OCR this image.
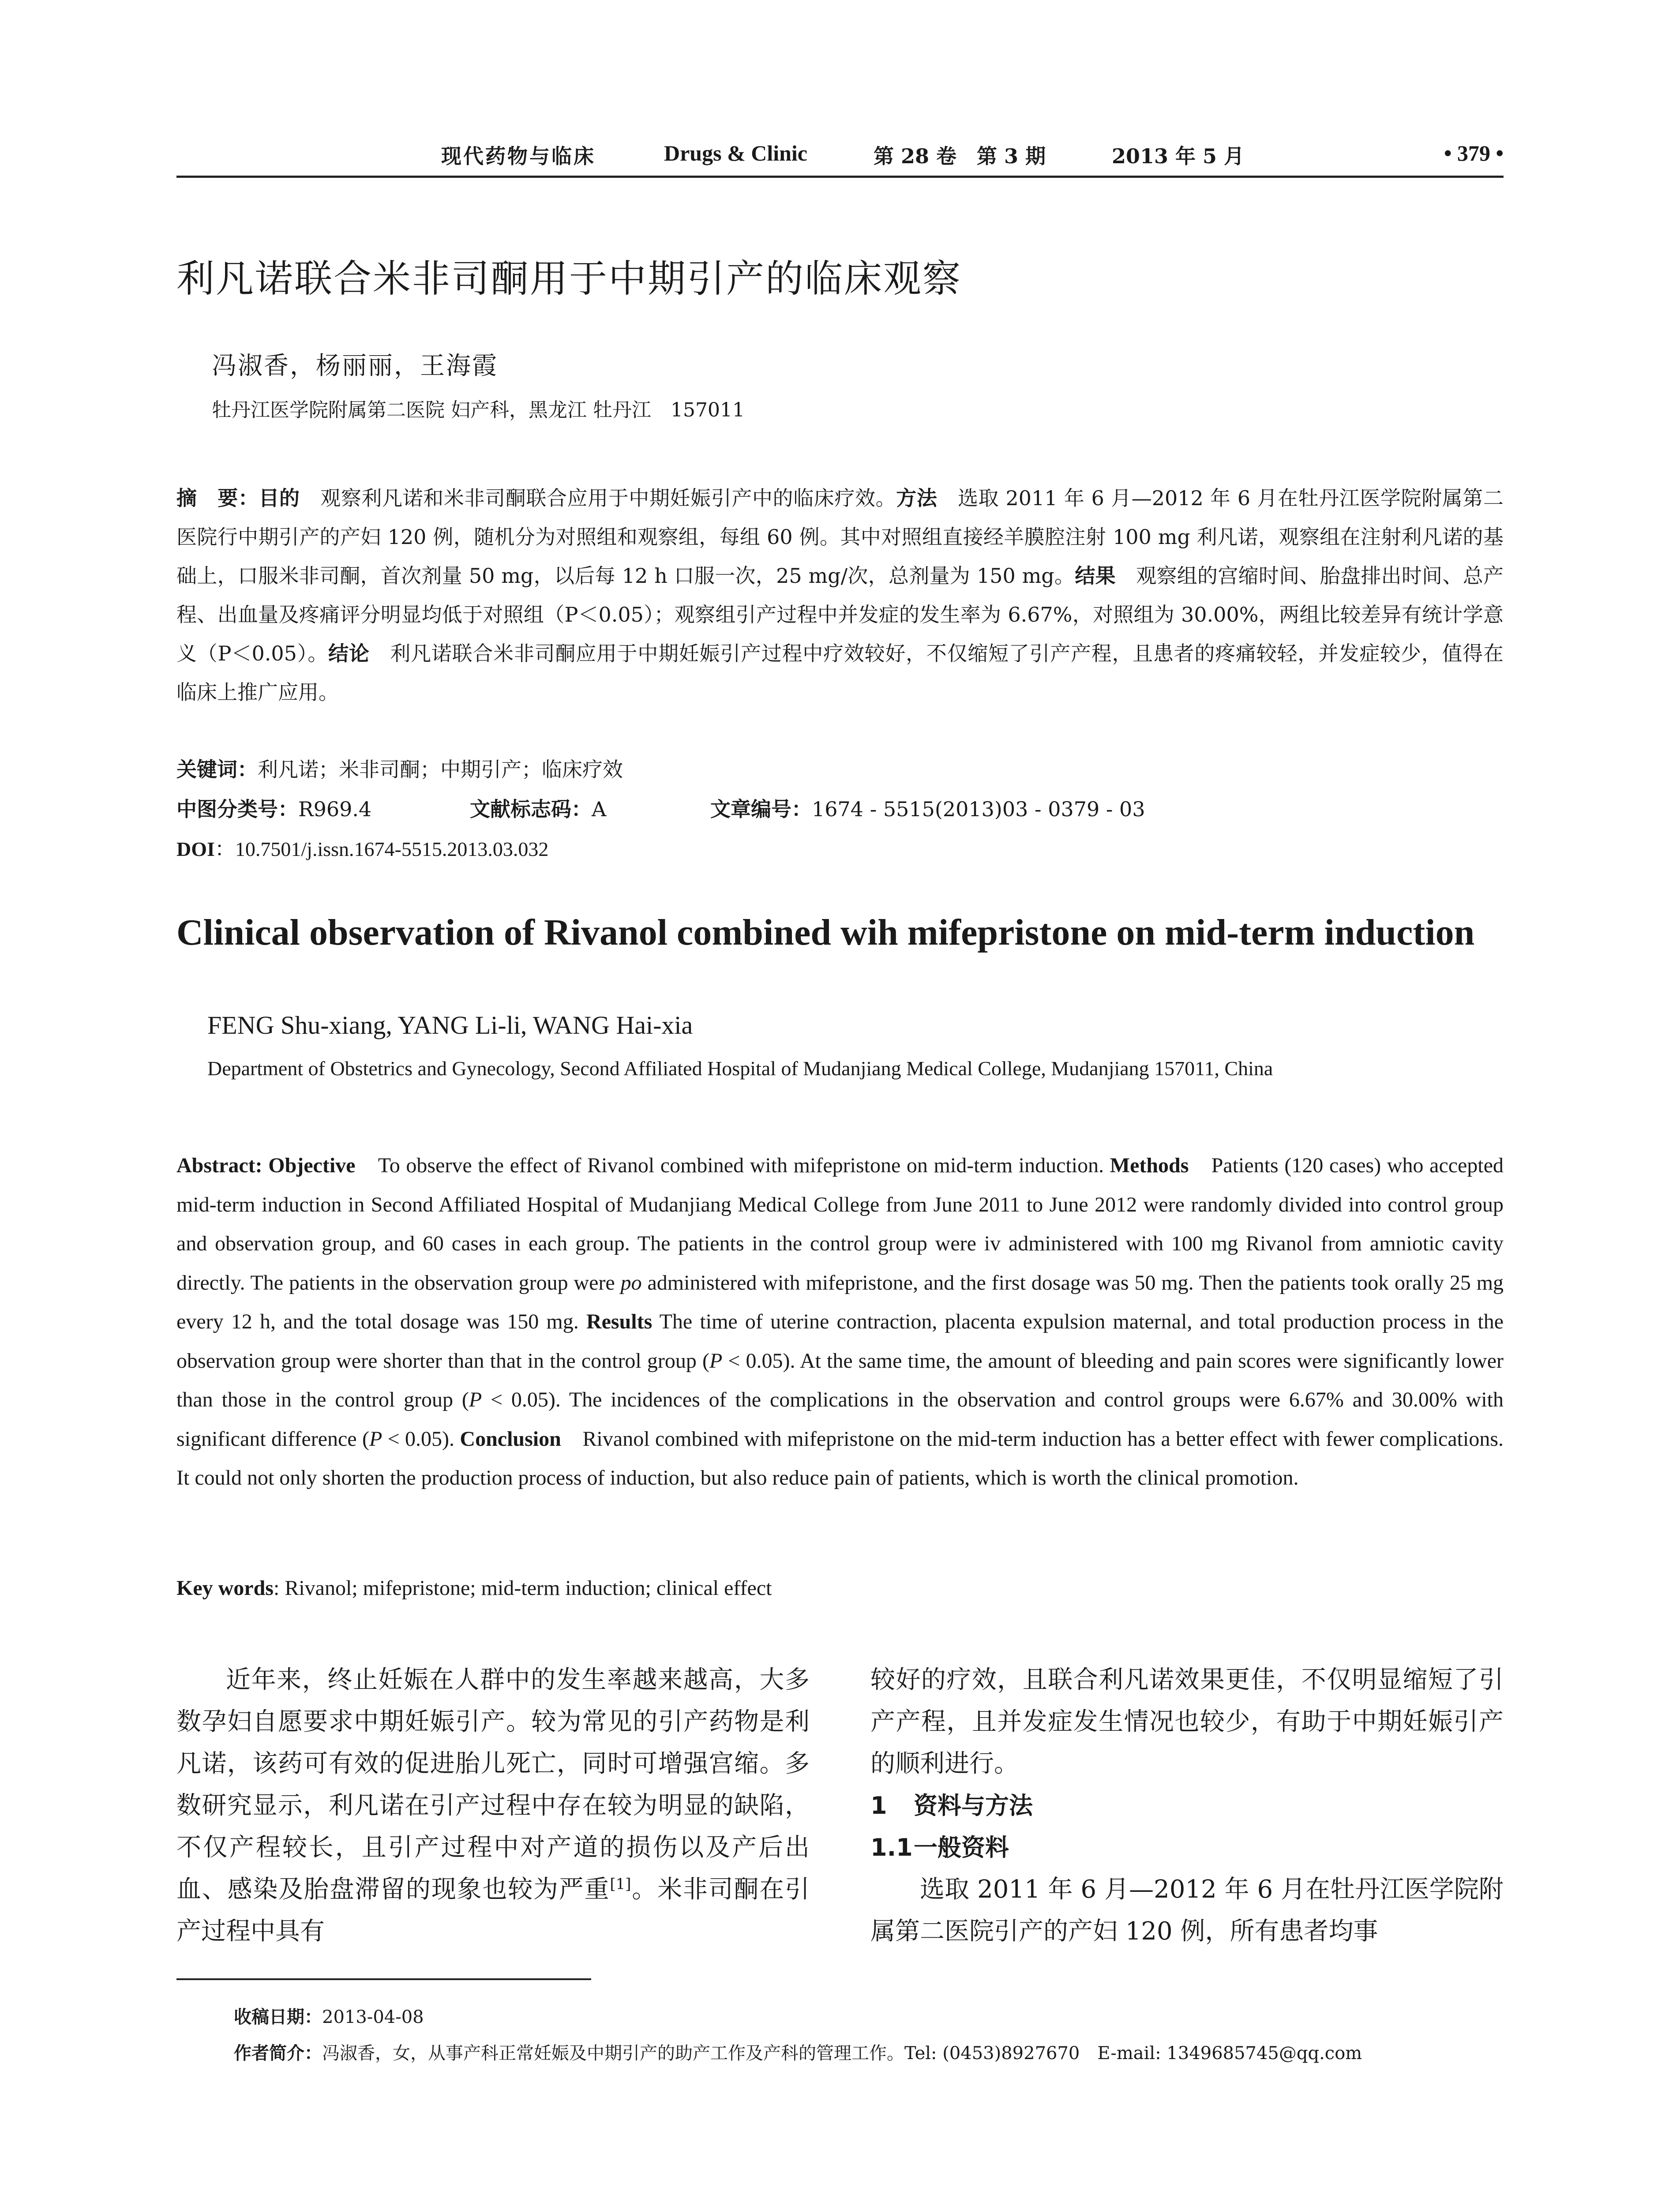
现代药物与临床	Drugs & Clinic	第 28 卷　第 3 期	2013 年 5 月	• 379 •
利凡诺联合米非司酮用于中期引产的临床观察
冯淑香，杨丽丽，王海霞
牡丹江医学院附属第二医院 妇产科，黑龙江 牡丹江　157011
摘　要：目的　 观察利凡诺和米非司酮联合应用于中期妊娠引产中的临床疗效。方法　 选取 2011 年 6 月—2012 年 6 月在牡丹江医学院附属第二医院行中期引产的产妇 120 例，随机分为对照组和观察组，每组 60 例。其中对照组直接经羊膜腔注射 100 mg 利凡诺，观察组在注射利凡诺的基础上，口服米非司酮，首次剂量 50 mg，以后每 12 h 口服一次，25 mg/次，总剂量为 150 mg。结果　 观察组的宫缩时间、胎盘排出时间、总产程、出血量及疼痛评分明显均低于对照组（P＜0.05）；观察组引产过程中并发症的发生率为 6.67%，对照组为 30.00%，两组比较差异有统计学意义（P＜0.05）。结论　 利凡诺联合米非司酮应用于中期妊娠引产过程中疗效较好，不仅缩短了引产产程，且患者的疼痛较轻，并发症较少，值得在临床上推广应用。
关键词：利凡诺；米非司酮；中期引产；临床疗效
中图分类号：R969.4	文献标志码：A	文章编号：1674 - 5515(2013)03 - 0379 - 03
DOI：10.7501/j.issn.1674-5515.2013.03.032
Clinical observation of Rivanol combined wih mifepristone on mid-term induction
FENG Shu-xiang, YANG Li-li, WANG Hai-xia
Department of Obstetrics and Gynecology, Second Affiliated Hospital of Mudanjiang Medical College, Mudanjiang 157011, China
Abstract: Objective　 To observe the effect of Rivanol combined with mifepristone on mid-term induction. Methods　 Patients (120 cases) who accepted mid-term induction in Second Affiliated Hospital of Mudanjiang Medical College from June 2011 to June 2012 were randomly divided into control group and observation group, and 60 cases in each group. The patients in the control group were iv administered with 100 mg Rivanol from amniotic cavity directly. The patients in the observation group were po administered with mifepristone, and the first dosage was 50 mg. Then the patients took orally 25 mg every 12 h, and the total dosage was 150 mg. Results The time of uterine contraction, placenta expulsion maternal, and total production process in the observation group were shorter than that in the control group (P < 0.05). At the same time, the amount of bleeding and pain scores were significantly lower than those in the control group (P < 0.05). The incidences of the complications in the observation and control groups were 6.67% and 30.00% with significant difference (P < 0.05). Conclusion　 Rivanol combined with mifepristone on the mid-term induction has a better effect with fewer complications. It could not only shorten the production process of induction, but also reduce pain of patients, which is worth the clinical promotion.
Key words: Rivanol; mifepristone; mid-term induction; clinical effect

近年来，终止妊娠在人群中的发生率越来越高，大多数孕妇自愿要求中期妊娠引产。较为常见的引产药物是利凡诺，该药可有效的促进胎儿死亡，同时可增强宫缩。多数研究显示，利凡诺在引产过程中存在较为明显的缺陷，不仅产程较长，且引产过程中对产道的损伤以及产后出血、感染及胎盘滞留的现象也较为严重[1]。米非司酮在引产过程中具有

较好的疗效，且联合利凡诺效果更佳，不仅明显缩短了引产产程，且并发症发生情况也较少，有助于中期妊娠引产的顺利进行。

1 资料与方法
1.1一般资料

选取 2011 年 6 月—2012 年 6 月在牡丹江医学院附属第二医院引产的产妇 120 例，所有患者均事

收稿日期：2013-04-08
作者简介：冯淑香，女，从事产科正常妊娠及中期引产的助产工作及产科的管理工作。Tel: (0453)8927670　E-mail: 1349685745@qq.com
